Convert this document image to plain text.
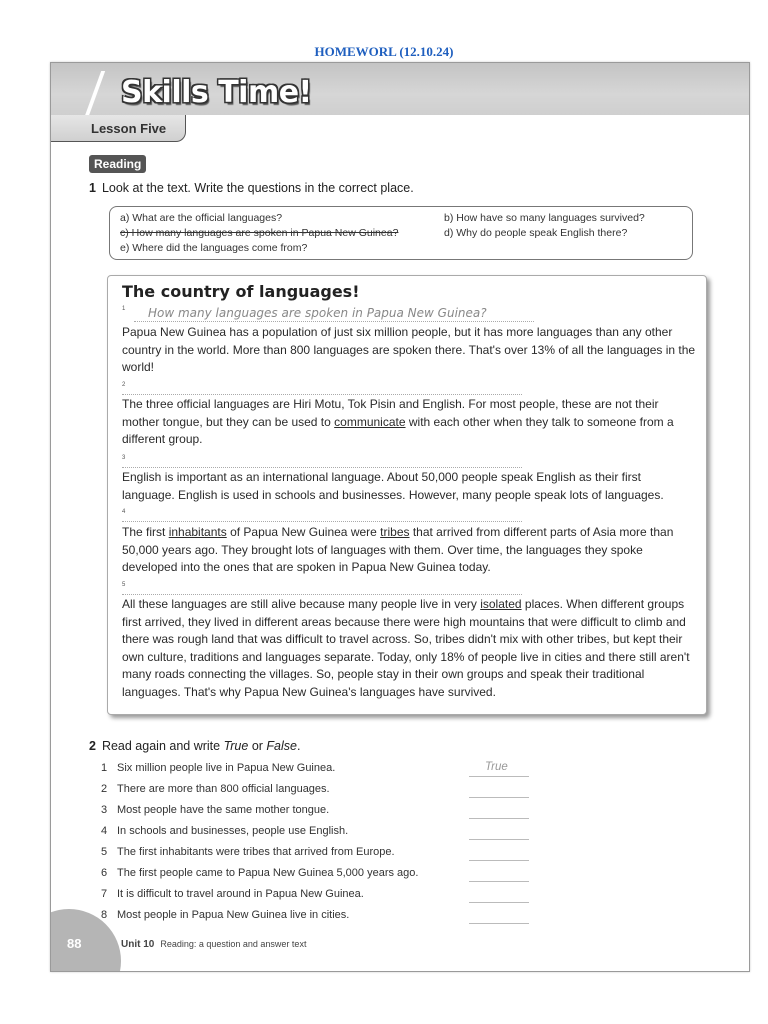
HOMEWORL (12.10.24)
Skills Time!
Lesson Five
Reading
1 Look at the text. Write the questions in the correct place.
a) What are the official languages?	b) How have so many languages survived?
c) How many languages are spoken in Papua New Guinea?	d) Why do people speak English there?
e) Where did the languages come from?
The country of languages!
1 How many languages are spoken in Papua New Guinea?
Papua New Guinea has a population of just six million people, but it has more languages than any other country in the world. More than 800 languages are spoken there. That's over 13% of all the languages in the world!
2
The three official languages are Hiri Motu, Tok Pisin and English. For most people, these are not their mother tongue, but they can be used to communicate with each other when they talk to someone from a different group.
3
English is important as an international language. About 50,000 people speak English as their first language. English is used in schools and businesses. However, many people speak lots of languages.
4
The first inhabitants of Papua New Guinea were tribes that arrived from different parts of Asia more than 50,000 years ago. They brought lots of languages with them. Over time, the languages they spoke developed into the ones that are spoken in Papua New Guinea today.
5
All these languages are still alive because many people live in very isolated places. When different groups first arrived, they lived in different areas because there were high mountains that were difficult to climb and there was rough land that was difficult to travel across. So, tribes didn't mix with other tribes, but kept their own culture, traditions and languages separate. Today, only 18% of people live in cities and there still aren't many roads connecting the villages. So, people stay in their own groups and speak their traditional languages. That's why Papua New Guinea's languages have survived.
2 Read again and write True or False.
1 Six million people live in Papua New Guinea.	True
2 There are more than 800 official languages.
3 Most people have the same mother tongue.
4 In schools and businesses, people use English.
5 The first inhabitants were tribes that arrived from Europe.
6 The first people came to Papua New Guinea 5,000 years ago.
7 It is difficult to travel around in Papua New Guinea.
8 Most people in Papua New Guinea live in cities.
88	Unit 10 Reading: a question and answer text
